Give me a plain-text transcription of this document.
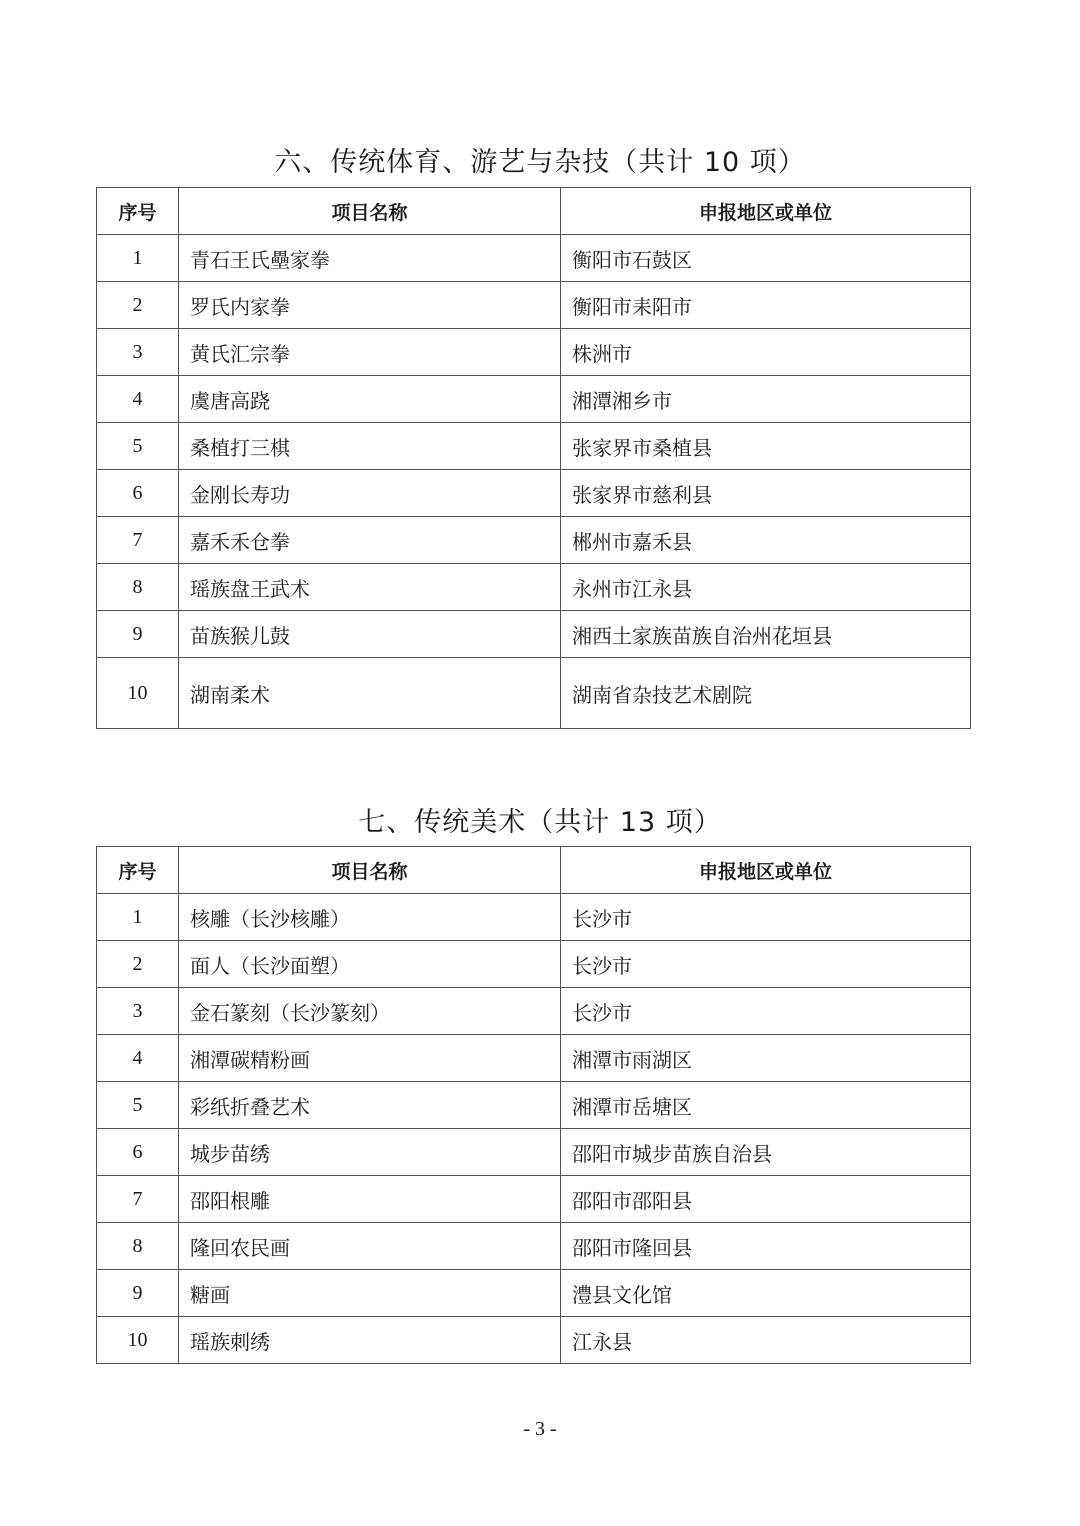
六、传统体育、游艺与杂技（共计 10 项）
序号	项目名称	申报地区或单位
1	青石王氏壘家拳	衡阳市石鼓区
2	罗氏内家拳	衡阳市耒阳市
3	黄氏汇宗拳	株洲市
4	虞唐高跷	湘潭湘乡市
5	桑植打三棋	张家界市桑植县
6	金刚长寿功	张家界市慈利县
7	嘉禾禾仓拳	郴州市嘉禾县
8	瑶族盘王武术	永州市江永县
9	苗族猴儿鼓	湘西土家族苗族自治州花垣县
10	湖南柔术	湖南省杂技艺术剧院
七、传统美术（共计 13 项）
序号	项目名称	申报地区或单位
1	核雕（长沙核雕）	长沙市
2	面人（长沙面塑）	长沙市
3	金石篆刻（长沙篆刻）	长沙市
4	湘潭碳精粉画	湘潭市雨湖区
5	彩纸折叠艺术	湘潭市岳塘区
6	城步苗绣	邵阳市城步苗族自治县
7	邵阳根雕	邵阳市邵阳县
8	隆回农民画	邵阳市隆回县
9	糖画	澧县文化馆
10	瑶族刺绣	江永县
- 3 -
